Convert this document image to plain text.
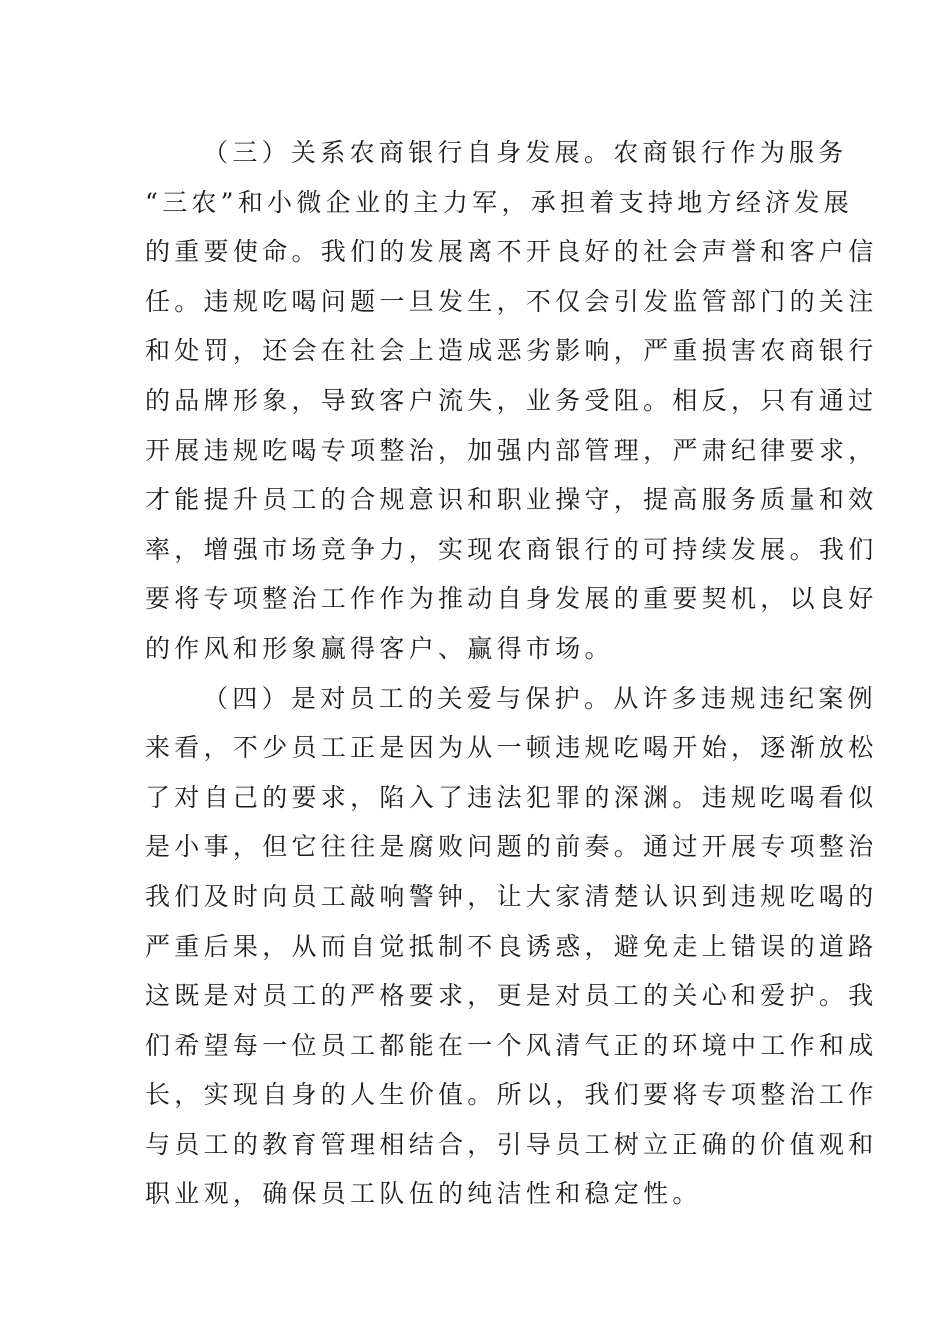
（三）关系农商银行自身发展。农商银行作为服务
“三农”和小微企业的主力军，承担着支持地方经济发展
的重要使命。我们的发展离不开良好的社会声誉和客户信
任。违规吃喝问题一旦发生，不仅会引发监管部门的关注
和处罚，还会在社会上造成恶劣影响，严重损害农商银行
的品牌形象，导致客户流失，业务受阻。相反，只有通过
开展违规吃喝专项整治，加强内部管理，严肃纪律要求，
才能提升员工的合规意识和职业操守，提高服务质量和效
率，增强市场竞争力，实现农商银行的可持续发展。我们
要将专项整治工作作为推动自身发展的重要契机，以良好
的作风和形象赢得客户、赢得市场。
（四）是对员工的关爱与保护。从许多违规违纪案例
来看，不少员工正是因为从一顿违规吃喝开始，逐渐放松
了对自己的要求，陷入了违法犯罪的深渊。违规吃喝看似
是小事，但它往往是腐败问题的前奏。通过开展专项整治
我们及时向员工敲响警钟，让大家清楚认识到违规吃喝的
严重后果，从而自觉抵制不良诱惑，避免走上错误的道路
这既是对员工的严格要求，更是对员工的关心和爱护。我
们希望每一位员工都能在一个风清气正的环境中工作和成
长，实现自身的人生价值。所以，我们要将专项整治工作
与员工的教育管理相结合，引导员工树立正确的价值观和
职业观，确保员工队伍的纯洁性和稳定性。
